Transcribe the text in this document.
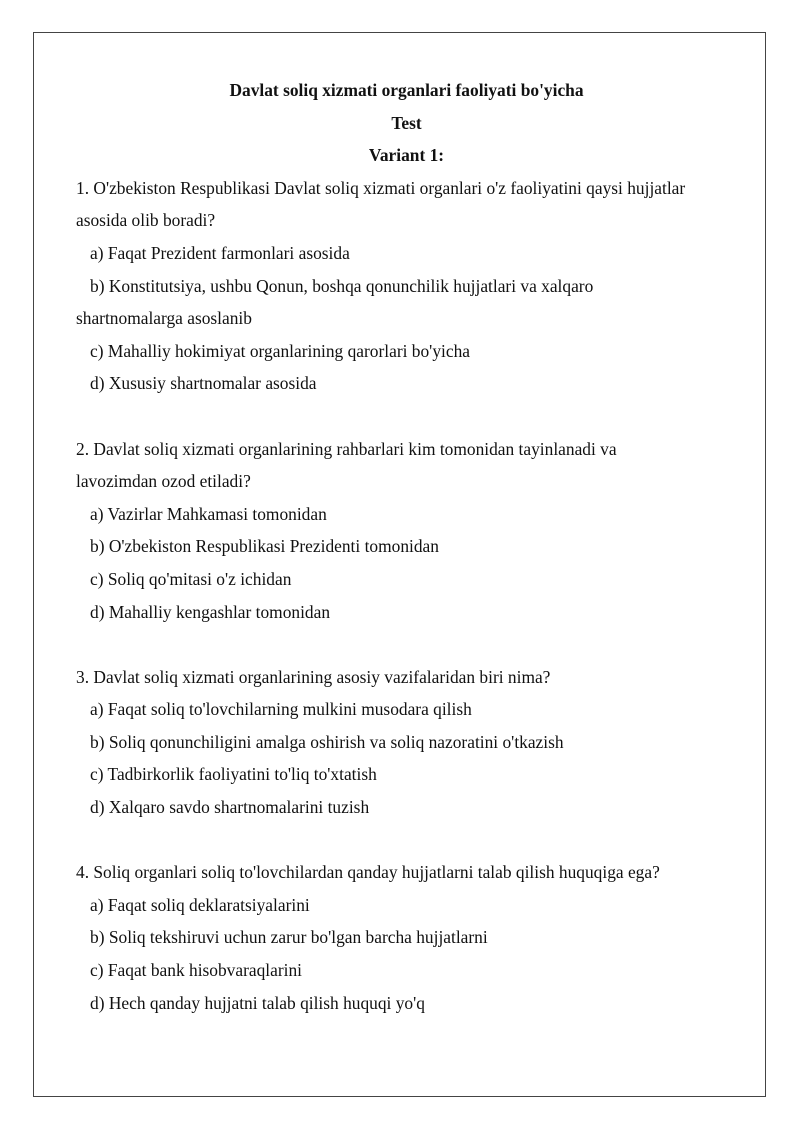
Davlat soliq xizmati organlari faoliyati bo'yicha
Test
Variant 1:
1. O'zbekiston Respublikasi Davlat soliq xizmati organlari o'z faoliyatini qaysi hujjatlar
asosida olib boradi?
a) Faqat Prezident farmonlari asosida
b) Konstitutsiya, ushbu Qonun, boshqa qonunchilik hujjatlari va xalqaro
shartnomalarga asoslanib
c) Mahalliy hokimiyat organlarining qarorlari bo'yicha
d) Xususiy shartnomalar asosida
2. Davlat soliq xizmati organlarining rahbarlari kim tomonidan tayinlanadi va
lavozimdan ozod etiladi?
a) Vazirlar Mahkamasi tomonidan
b) O'zbekiston Respublikasi Prezidenti tomonidan
c) Soliq qo'mitasi o'z ichidan
d) Mahalliy kengashlar tomonidan
3. Davlat soliq xizmati organlarining asosiy vazifalaridan biri nima?
a) Faqat soliq to'lovchilarning mulkini musodara qilish
b) Soliq qonunchiligini amalga oshirish va soliq nazoratini o'tkazish
c) Tadbirkorlik faoliyatini to'liq to'xtatish
d) Xalqaro savdo shartnomalarini tuzish
4. Soliq organlari soliq to'lovchilardan qanday hujjatlarni talab qilish huquqiga ega?
a) Faqat soliq deklaratsiyalarini
b) Soliq tekshiruvi uchun zarur bo'lgan barcha hujjatlarni
c) Faqat bank hisobvaraqlarini
d) Hech qanday hujjatni talab qilish huquqi yo'q
